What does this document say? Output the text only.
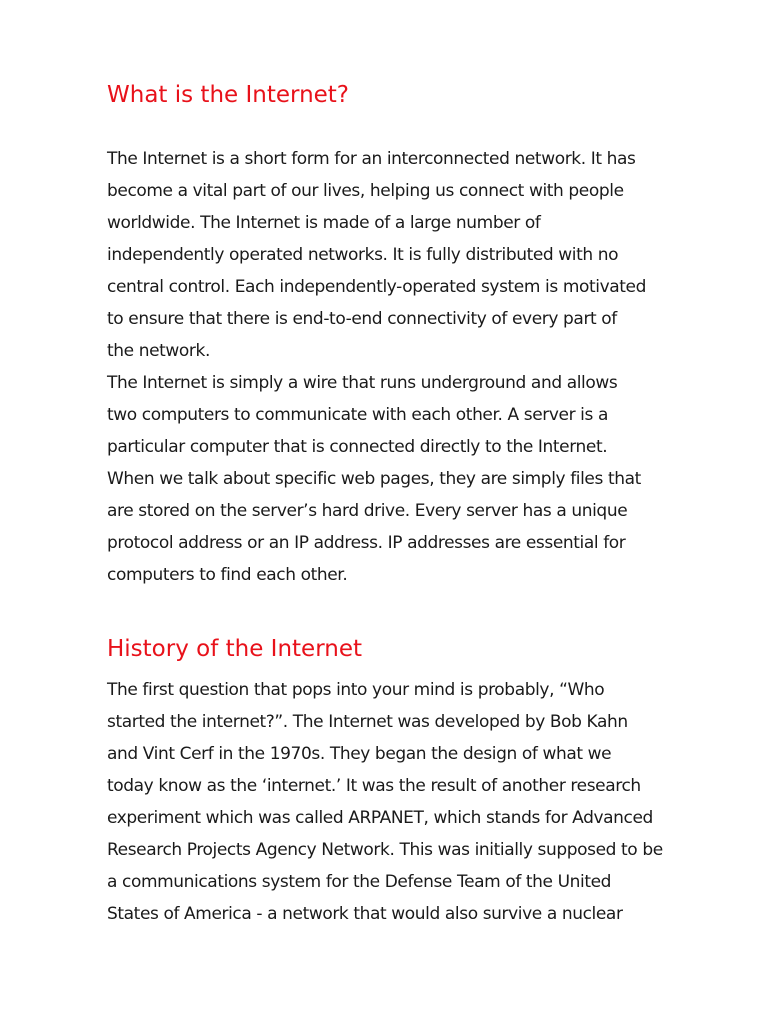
What is the Internet?
The Internet is a short form for an interconnected network. It has
become a vital part of our lives, helping us connect with people
worldwide. The Internet is made of a large number of
independently operated networks. It is fully distributed with no
central control. Each independently-operated system is motivated
to ensure that there is end-to-end connectivity of every part of
the network.
The Internet is simply a wire that runs underground and allows
two computers to communicate with each other. A server is a
particular computer that is connected directly to the Internet.
When we talk about specific web pages, they are simply files that
are stored on the server’s hard drive. Every server has a unique
protocol address or an IP address. IP addresses are essential for
computers to find each other.
History of the Internet
The first question that pops into your mind is probably, “Who
started the internet?”. The Internet was developed by Bob Kahn
and Vint Cerf in the 1970s. They began the design of what we
today know as the ‘internet.’ It was the result of another research
experiment which was called ARPANET, which stands for Advanced
Research Projects Agency Network. This was initially supposed to be
a communications system for the Defense Team of the United
States of America - a network that would also survive a nuclear
